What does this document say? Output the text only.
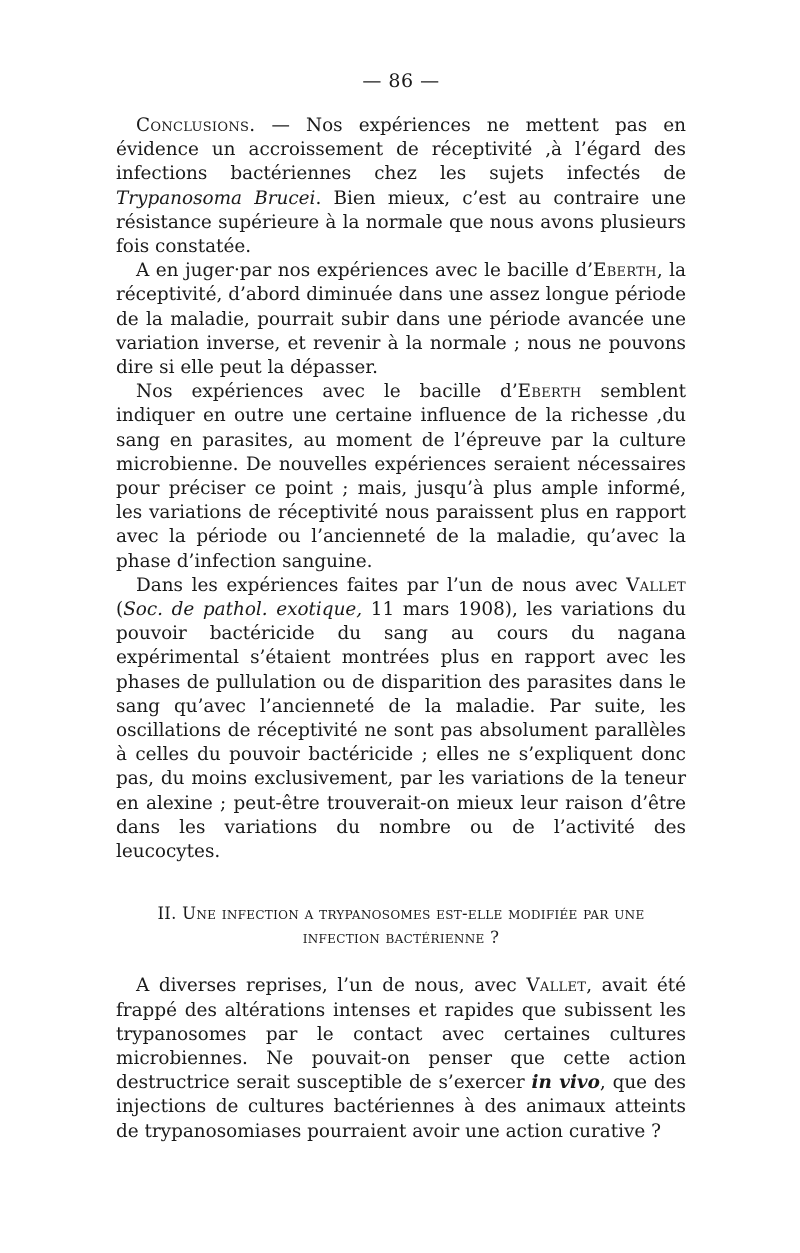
— 86 —

Conclusions. — Nos expériences ne mettent pas en évidence un accroissement de réceptivité ,à l’égard des infections bactériennes chez les sujets infectés de Trypanosoma Brucei. Bien mieux, c’est au contraire une résistance supérieure à la normale que nous avons plusieurs fois constatée.

A en juger·par nos expériences avec le bacille d’Eberth, la réceptivité, d’abord diminuée dans une assez longue période de la maladie, pourrait subir dans une période avancée une variation inverse, et revenir à la normale ; nous ne pouvons dire si elle peut la dépasser.

Nos expériences avec le bacille d’Eberth semblent indiquer en outre une certaine influence de la richesse ,du sang en parasites, au moment de l’épreuve par la culture microbienne. De nouvelles expériences seraient nécessaires pour préciser ce point ; mais, jusqu’à plus ample informé, les variations de réceptivité nous paraissent plus en rapport avec la période ou l’ancienneté de la maladie, qu’avec la phase d’infection sanguine.

Dans les expériences faites par l’un de nous avec Vallet (Soc. de pathol. exotique, 11 mars 1908), les variations du pouvoir bactéricide du sang au cours du nagana expérimental s’étaient montrées plus en rapport avec les phases de pullulation ou de disparition des parasites dans le sang qu’avec l’ancienneté de la maladie. Par suite, les oscillations de réceptivité ne sont pas absolument parallèles à celles du pouvoir bactéricide ; elles ne s’expliquent donc pas, du moins exclusivement, par les variations de la teneur en alexine ; peut-être trouverait-on mieux leur raison d’être dans les variations du nombre ou de l’activité des leucocytes.

II. Une infection a trypanosomes est-elle modifiée par une
infection bactérienne ?

A diverses reprises, l’un de nous, avec Vallet, avait été frappé des altérations intenses et rapides que subissent les trypanosomes par le contact avec certaines cultures microbiennes. Ne pouvait-on penser que cette action destructrice serait susceptible de s’exercer in vivo, que des injections de cultures bactériennes à des animaux atteints de trypanosomiases pourraient avoir une action curative ?
